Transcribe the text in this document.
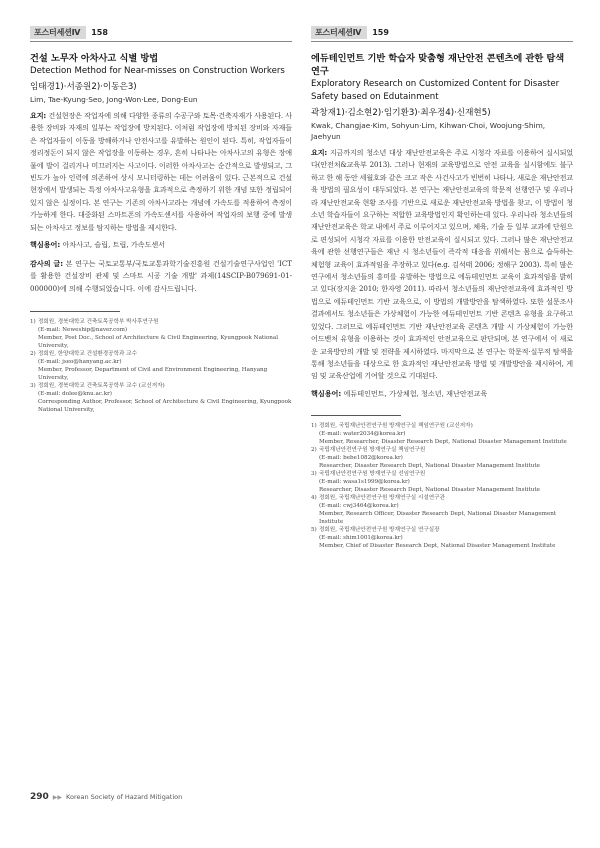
포스터세션Ⅳ	158
건설 노무자 아차사고 식별 방법
Detection Method for Near-misses on Construction Workers
임태경1)·서종원2)·이동은3)
Lim, Tae-Kyung·Seo, Jong-Won·Lee, Dong-Eun
요지: 건설현장은 작업자에 의해 다양한 종류의 수공구와 토목·건축자재가 사용된다. 사용한 장비와 자재의 일부는 작업장에 방치된다. 이처럼 작업장에 방치된 장비와 자재들은 작업자들이 이동을 방해하거나 안전사고를 유발하는 원인이 된다. 특히, 작업자들이 정리정돈이 되지 않은 작업장을 이동하는 경우, 흔히 나타나는 아차사고의 유형은 장애물에 발이 걸리거나 미끄러지는 사고이다. 이러한 아차사고는 순간적으로 발생되고, 그 빈도가 높아 인력에 의존하여 상시 모니터링하는 데는 어려움이 있다. 근본적으로 건설현장에서 발생되는 특정 아차사고유형을 효과적으로 측정하기 위한 개념 또한 정립되어 있지 않은 실정이다. 본 연구는 기존의 아차사고라는 개념에 가속도를 적용하여 측정이 가능하게 한다. 대중화된 스마트폰의 가속도센서를 사용하여 작업자의 보행 중에 발생되는 아차사고 정보를 탐지하는 방법을 제시한다.
핵심용어: 아차사고, 슬립, 트립, 가속도센서
감사의 글: 본 연구는 국토교통부/국토교통과학기술진흥원 건설기술연구사업인 'ICT를 활용한 건설장비 관제 및 스마트 시공 기술 개발' 과제(14SCIP-B079691-01-000000)에 의해 수행되었습니다. 이에 감사드립니다.
1) 정회원, 경북대학교 건축토목공학부 박사후연구원
(E-mail: Neweship@naver.com)
Member, Post Doc., School of Architecture & Civil Engineering, Kyungpook National University,
2) 정회원, 한양대학교 건설환경공학과 교수
(E-mail: jseo@hanyang.ac.kr)
Member, Professor, Department of Civil and Environment Engineering, Hanyang University,
3) 정회원, 경북대학교 건축토목공학부 교수 (교신저자)
(E-mail: dolee@knu.ac.kr)
Corresponding Author, Professor, School of Architecture & Civil Engineering, Kyungpook National University,
포스터세션Ⅳ	159
에듀테인먼트 기반 학습자 맞춤형 재난안전 콘텐츠에 관한 탐색연구
Exploratory Research on Customized Content for Disaster Safety based on Edutainment
곽창재1)·김소현2)·임기환3)·최우정4)·신재현5)
Kwak, Changjae·Kim, Sohyun·Lim, Kihwan·Choi, Woojung·Shim, Jaehyun
요지: 지금까지의 청소년 대상 재난안전교육은 주로 시청각 자료를 이용하여 실시되었다(안전처&교육부 2013). 그러나 현재의 교육방법으로 안전 교육을 실시함에도 불구하고 한 해 동안 세월호와 같은 크고 작은 사건사고가 빈번히 나타나, 새로운 재난안전교육 방법의 필요성이 대두되었다. 본 연구는 재난안전교육의 학문적 선행연구 및 우리나라 재난안전교육 현황 조사를 기반으로 새로운 재난안전교육 방법을 찾고, 이 방법이 청소년 학습자들이 요구하는 적합한 교육방법인지 확인하는데 있다. 우리나라 청소년들의 재난안전교육은 학교 내에서 주로 이루어지고 있으며, 체육, 기술 등 일부 교과에 단원으로 편성되어 시청각 자료를 이용한 안전교육이 실시되고 있다. 그러나 많은 재난안전교육에 관한 선행연구들은 재난 시 청소년들이 즉각적 대응을 위해서는 몸으로 습득하는 체험형 교육이 효과적임을 주장하고 있다(e.g. 김석태 2006; 정해구 2003). 특히 많은 연구에서 청소년들의 흥미를 유발하는 방법으로 에듀테인먼트 교육이 효과적임을 밝히고 있다(장지윤 2010; 한자영 2011). 따라서 청소년들의 재난안전교육에 효과적인 방법으로 에듀테인먼트 기반 교육으로, 이 방법의 개발방안을 탐색하였다. 또한 설문조사 결과에서도 청소년들은 가상체험이 가능한 에듀테인먼트 기반 콘텐츠 유형을 요구하고 있었다. 그러므로 에듀테인먼트 기반 재난안전교육 콘텐츠 개발 시 가상체험이 가능한 어드벤처 유형을 이용하는 것이 효과적인 안전교육으로 판단되며, 본 연구에서 이 새로운 교육방안의 개발 및 전략을 제시하였다. 마지막으로 본 연구는 학문적·실무적 탐색을 통해 청소년들을 대상으로 한 효과적인 재난안전교육 방법 및 개발방안을 제시하여, 게임 및 교육산업에 기여할 것으로 기대된다.
핵심용어: 에듀테인먼트, 가상체험, 청소년, 재난안전교육
1) 정회원, 국립재난안전연구원 방재연구실 책임연구원 (교신저자)
(E-mail: water2034@korea.kr)
Member, Researcher, Disaster Research Dept, National Disaster Management Institute
2) 국립재난안전연구원 방재연구실 책임연구원
(E-mail: bebe1082@korea.kr)
Researcher, Disaster Research Dept, National Disaster Management Institute
3) 국립재난안전연구원 방재연구실 선임연구원
(E-mail: wasa1s1999@korea.kr)
Researcher, Disaster Research Dept, National Disaster Management Institute
4) 정회원, 국립재난안전연구원 방재연구실 시설연구관
(E-mail: cwj3464@korea.kr)
Member, Research Officer, Disaster Research Dept, National Disaster Management Institute
5) 정회원, 국립재난안전연구원 방재연구실 연구실장
(E-mail: shim1001@korea.kr)
Member, Chief of Disaster Research Dept, National Disaster Management Institute
290 ▶▶ Korean Society of Hazard Mitigation
